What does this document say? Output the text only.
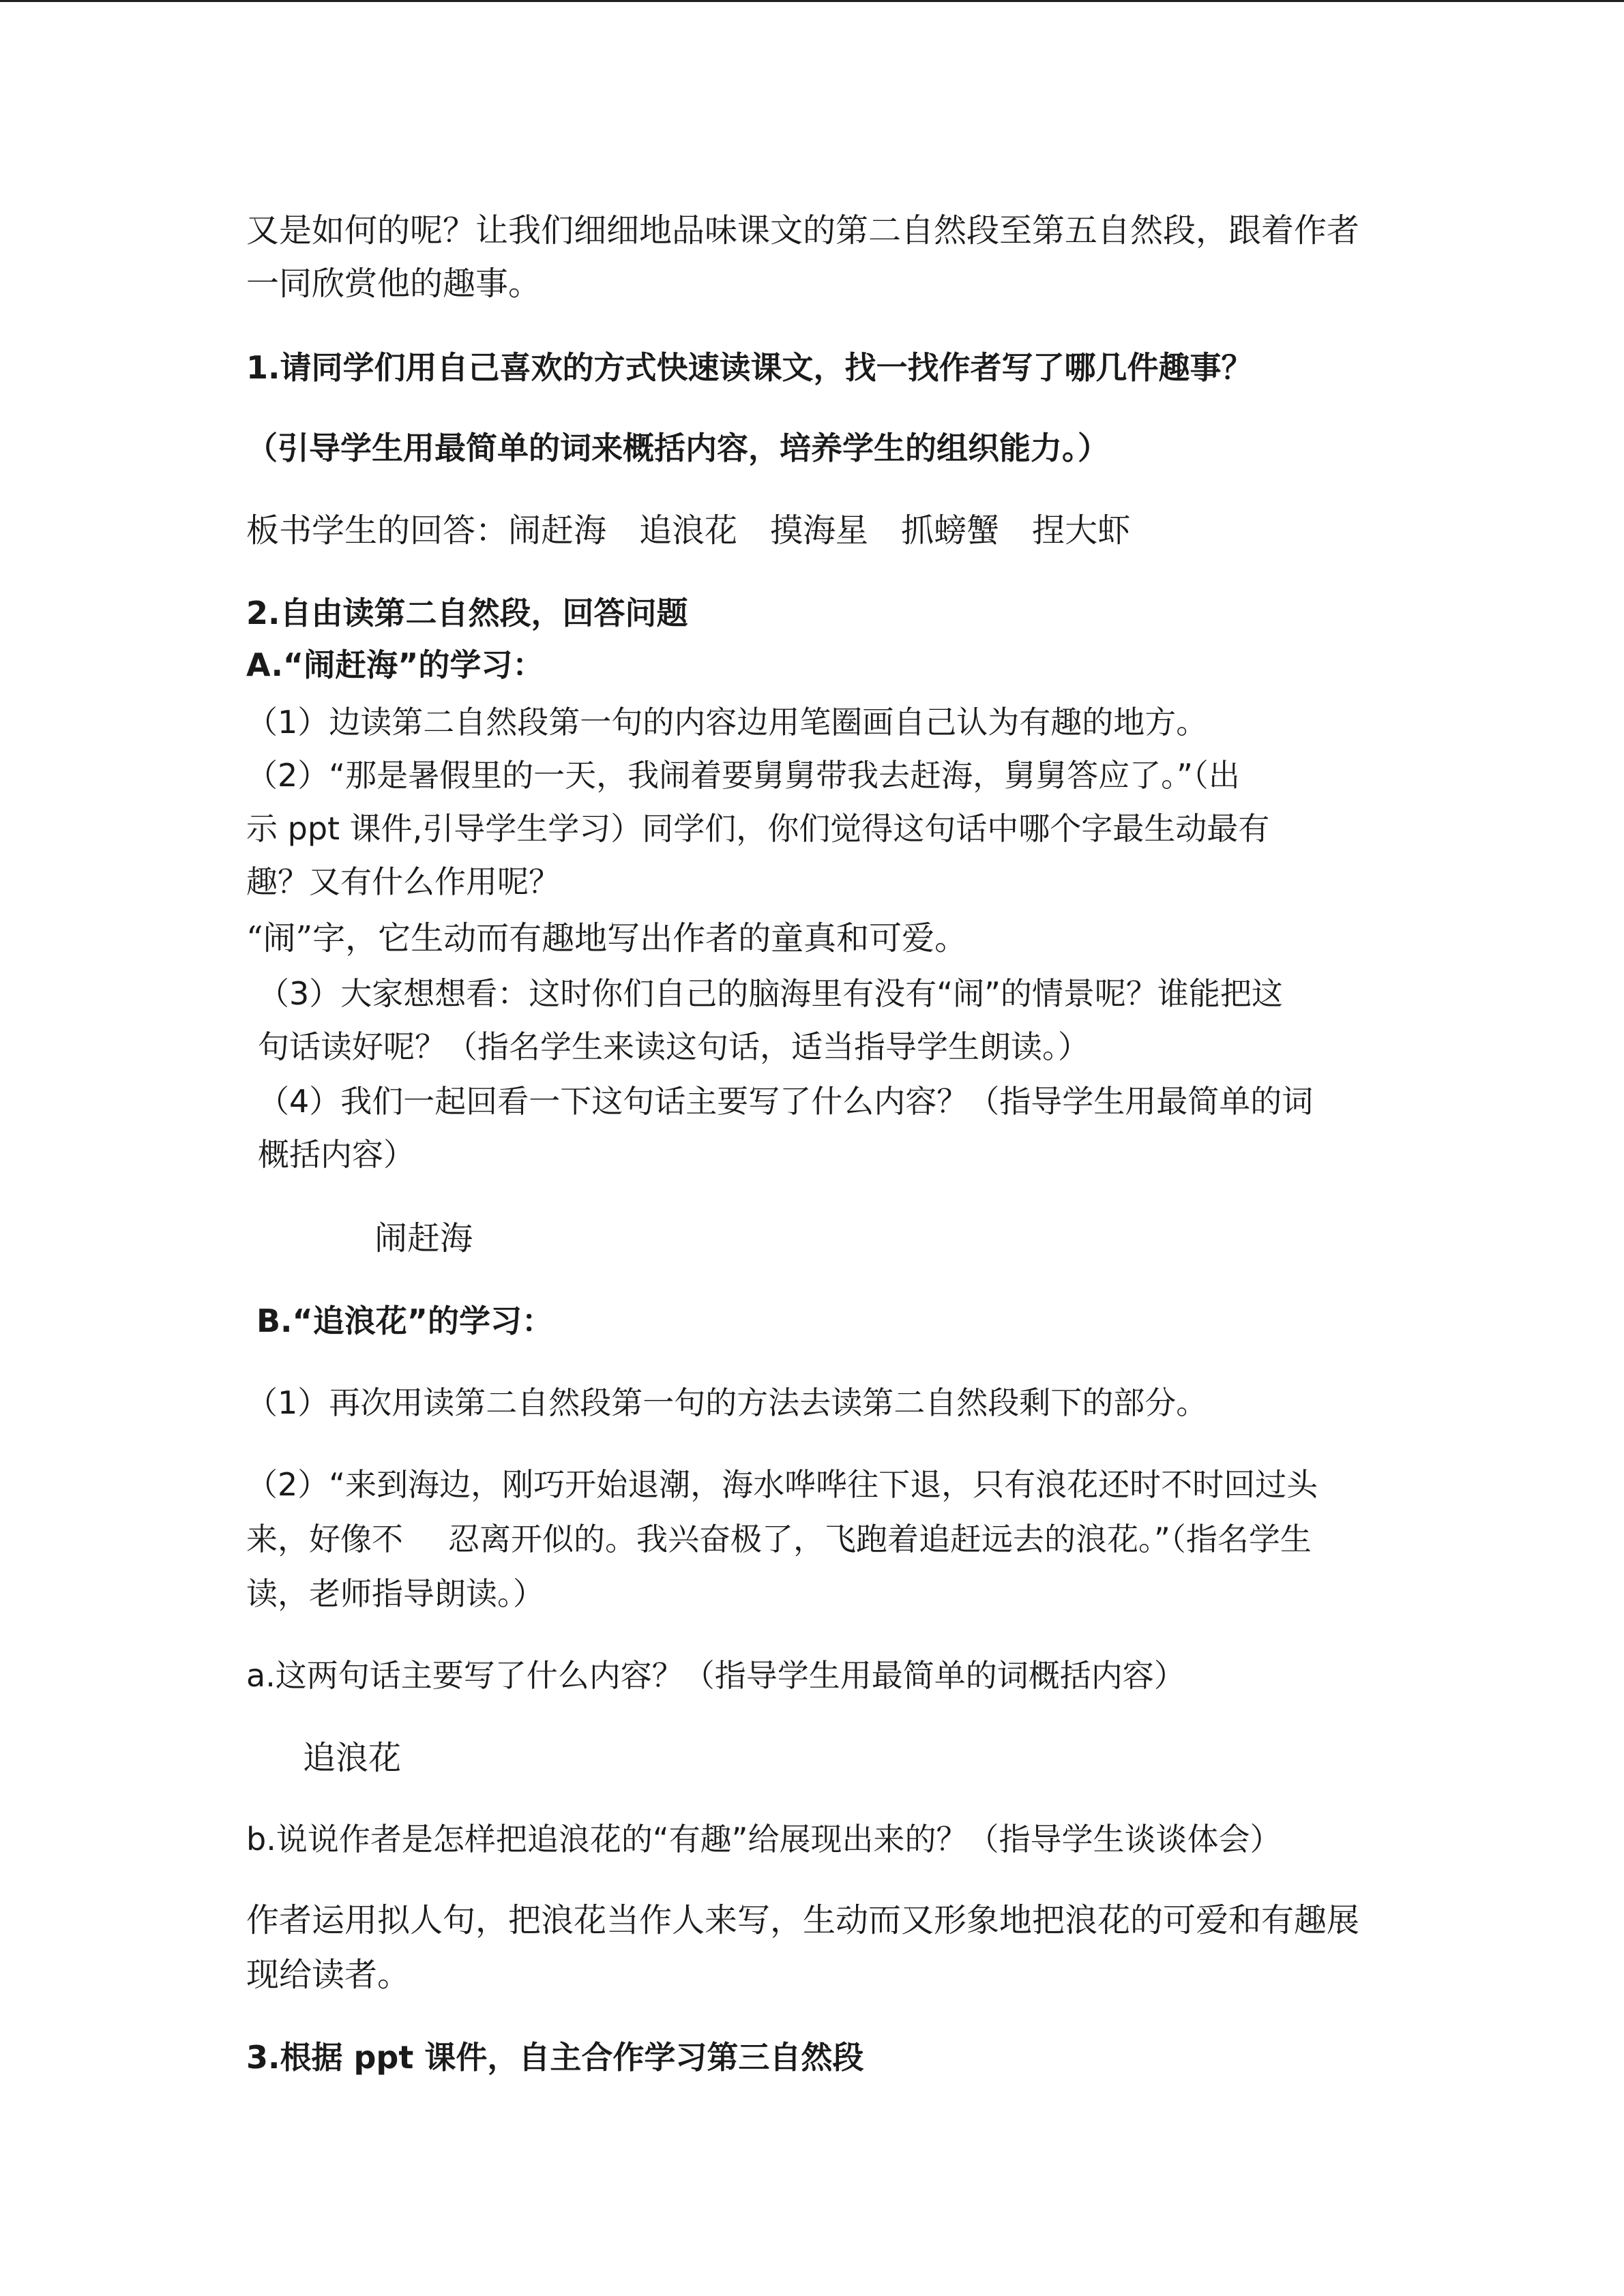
又是如何的呢？让我们细细地品味课文的第二自然段至第五自然段，跟着作者
一同欣赏他的趣事。
1.请同学们用自己喜欢的方式快速读课文，找一找作者写了哪几件趣事？
（引导学生用最简单的词来概括内容，培养学生的组织能力。）
板书学生的回答：闹赶海 追浪花 摸海星 抓螃蟹 捏大虾
2.自由读第二自然段，回答问题
A.“闹赶海”的学习：
（1）边读第二自然段第一句的内容边用笔圈画自己认为有趣的地方。
（2）“那是暑假里的一天，我闹着要舅舅带我去赶海，舅舅答应了。”（出
示 ppt 课件,引导学生学习）同学们，你们觉得这句话中哪个字最生动最有
趣？又有什么作用呢？
“闹”字，它生动而有趣地写出作者的童真和可爱。
（3）大家想想看：这时你们自己的脑海里有没有“闹”的情景呢？谁能把这
句话读好呢？（指名学生来读这句话，适当指导学生朗读。）
（4）我们一起回看一下这句话主要写了什么内容？（指导学生用最简单的词
概括内容）
闹赶海
B.“追浪花”的学习：
（1）再次用读第二自然段第一句的方法去读第二自然段剩下的部分。
（2）“来到海边，刚巧开始退潮，海水哗哗往下退，只有浪花还时不时回过头
来，好像不 忍离开似的。我兴奋极了，飞跑着追赶远去的浪花。”（指名学生
读，老师指导朗读。）
a.这两句话主要写了什么内容？（指导学生用最简单的词概括内容）
追浪花
b.说说作者是怎样把追浪花的“有趣”给展现出来的？（指导学生谈谈体会）
作者运用拟人句，把浪花当作人来写，生动而又形象地把浪花的可爱和有趣展
现给读者。
3.根据 ppt 课件，自主合作学习第三自然段
